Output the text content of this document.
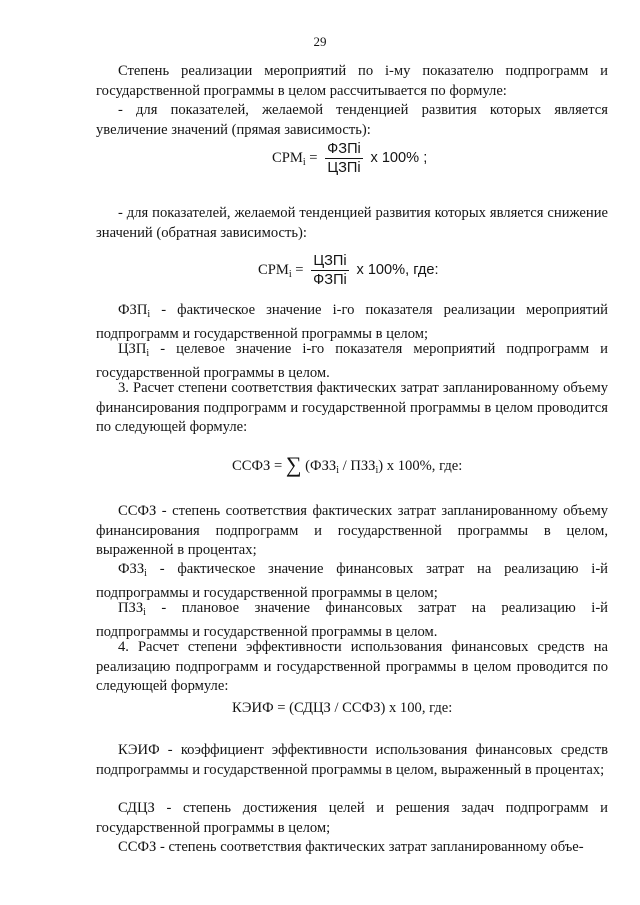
29
Степень реализации мероприятий по i-му показателю подпрограмм и государственной программы в целом рассчитывается по формуле:
- для показателей, желаемой тенденцией развития которых является увеличение значений (прямая зависимость):
$СРМ_i = \frac{\text{ФЗПi}}{\text{ЦЗПi}}$ х 100% ;
- для показателей, желаемой тенденцией развития которых является снижение значений (обратная зависимость):
$СРМ_i = \frac{\text{ЦЗПi}}{\text{ФЗПi}}$ х 100%, где:
$ФЗП_i$ - фактическое значение i-го показателя реализации мероприятий подпрограмм и государственной программы в целом;
$ЦЗП_i$ - целевое значение i-го показателя мероприятий подпрограмм и государственной программы в целом.
3. Расчет степени соответствия фактических затрат запланированному объему финансирования подпрограмм и государственной программы в целом проводится по следующей формуле:
ССФЗ = ∑ $(ФЗЗ_i / ПЗЗ_i)$ х 100%, где:
ССФЗ - степень соответствия фактических затрат запланированному объему финансирования подпрограмм и государственной программы в целом, выраженной в процентах;
$ФЗЗ_i$ - фактическое значение финансовых затрат на реализацию i-й подпрограммы и государственной программы в целом;
$ПЗЗ_i$ - плановое значение финансовых затрат на реализацию i-й подпрограммы и государственной программы в целом.
4. Расчет степени эффективности использования финансовых средств на реализацию подпрограмм и государственной программы в целом проводится по следующей формуле:
КЭИФ = (СДЦЗ / ССФЗ) х 100, где:
КЭИФ - коэффициент эффективности использования финансовых средств подпрограммы и государственной программы в целом, выраженный в процентах;
СДЦЗ - степень достижения целей и решения задач подпрограмм и государственной программы в целом;
ССФЗ - степень соответствия фактических затрат запланированному объе-
